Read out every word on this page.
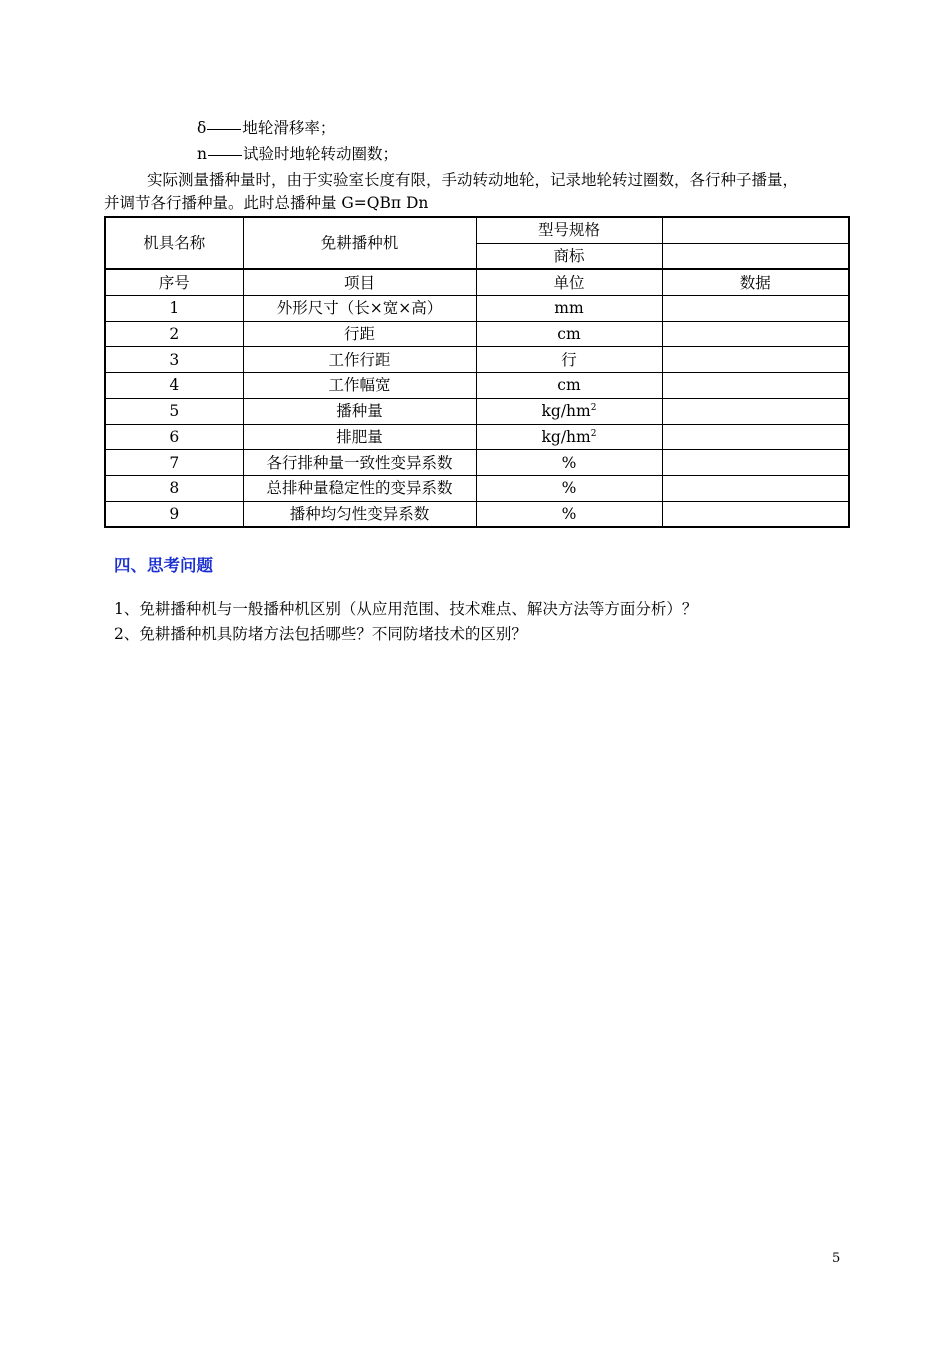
δ 地轮滑移率；
n 试验时地轮转动圈数；
实际测量播种量时，由于实验室长度有限，手动转动地轮，记录地轮转过圈数，各行种子播量，
并调节各行播种量。此时总播种量 G=QBπ Dn
机具名称	免耕播种机	型号规格	
		商标	
序号	项目	单位	数据
1	外形尺寸（长×宽×高）	mm	
2	行距	cm	
3	工作行距	行	
4	工作幅宽	cm	
5	播种量	$kg/hm^2$	
6	排肥量	$kg/hm^2$	
7	各行排种量一致性变异系数	%	
8	总排种量稳定性的变异系数	%	
9	播种均匀性变异系数	%	
四、思考问题
1、免耕播种机与一般播种机区别（从应用范围、技术难点、解决方法等方面分析）？
2、免耕播种机具防堵方法包括哪些？不同防堵技术的区别？
5
